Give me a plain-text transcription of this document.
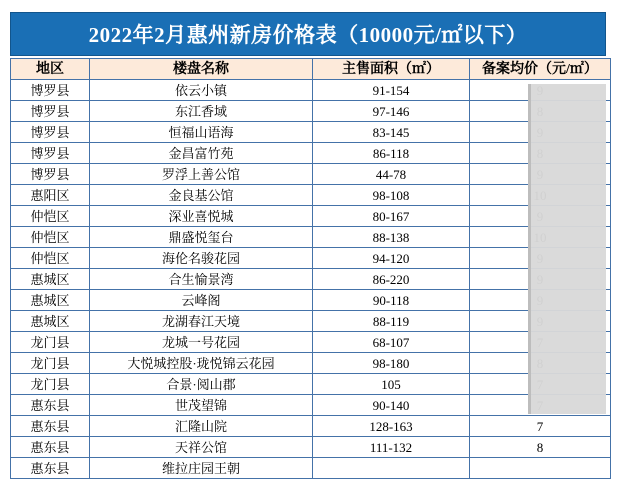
2022年2月惠州新房价格表（10000元/㎡以下）
地区	楼盘名称	主售面积（㎡）	备案均价（元/㎡）
博罗县	依云小镇	91-154	
博罗县	东江香域	97-146	
博罗县	恒福山语海	83-145	
博罗县	金昌富竹苑	86-118	
博罗县	罗浮上善公馆	44-78	
惠阳区	金良基公馆	98-108	
仲恺区	深业喜悦城	80-167	
仲恺区	鼎盛悦玺台	88-138	
仲恺区	海伦名骏花园	94-120	
惠城区	合生愉景湾	86-220	
惠城区	云峰阁	90-118	
惠城区	龙湖春江天境	88-119	
龙门县	龙城一号花园	68-107	
龙门县	大悦城控股·珑悦锦云花园	98-180	
龙门县	合景·阅山郡	105	
惠东县	世茂望锦	90-140	
惠东县	汇隆山院	128-163	7
惠东县	天祥公馆	111-132	8
惠东县	维拉庄园王朝		
